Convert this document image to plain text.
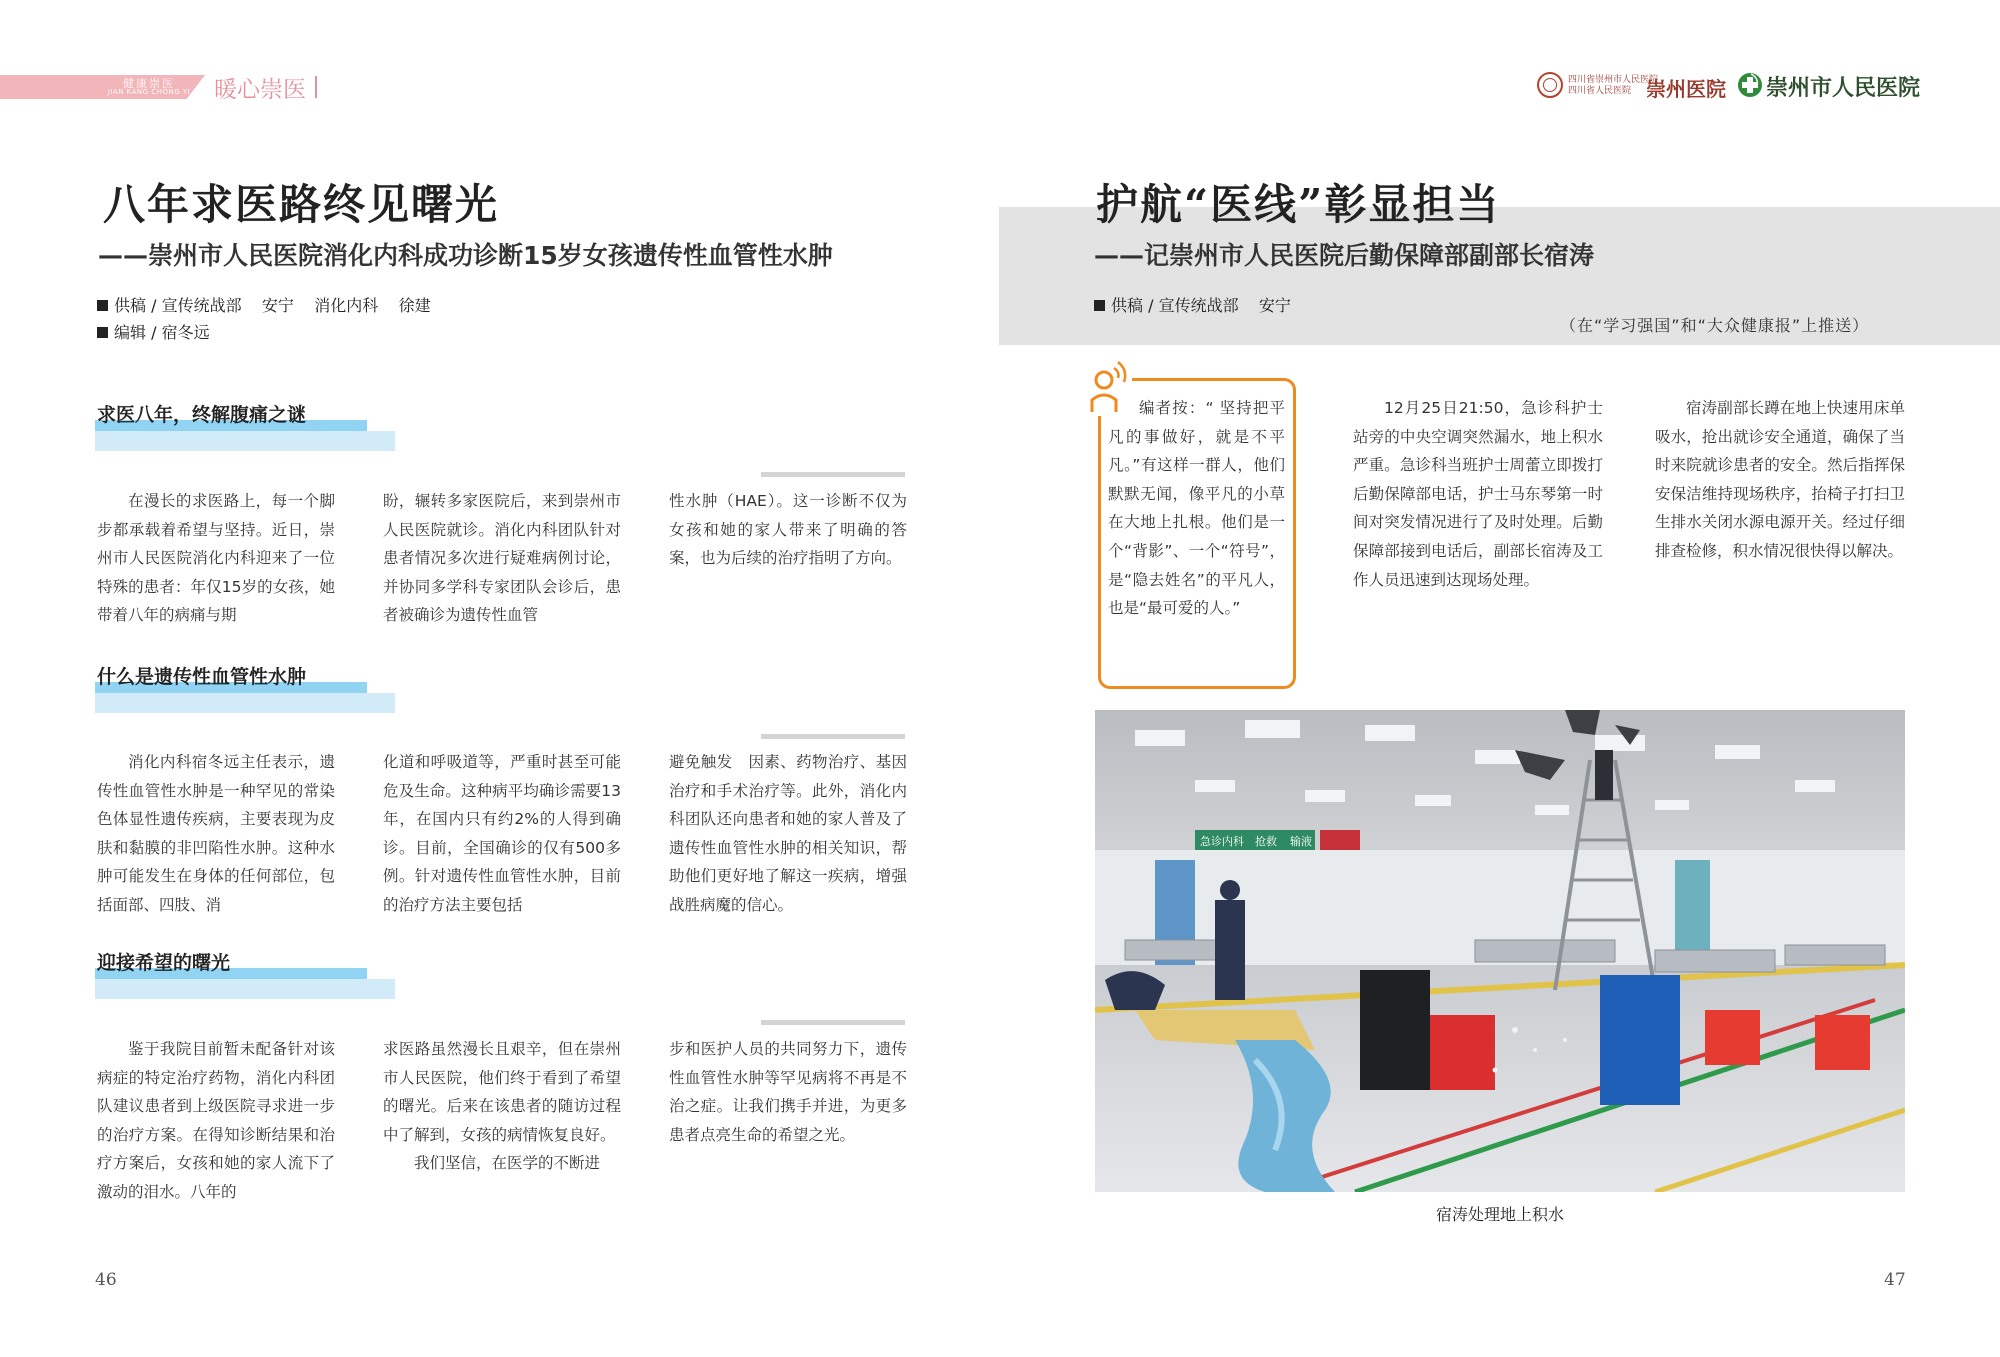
健康崇医
JIAN KANG CHONG YI	暖心崇医	四川省崇州市人民医院
四川省人民医院 崇州医院 崇州市人民医院
八年求医路终见曙光
——崇州市人民医院消化内科成功诊断15岁女孩遗传性血管性水肿
供稿 / 宣传统战部    安宁    消化内科    徐建
编辑 / 宿冬远
求医八年，终解腹痛之谜

在漫长的求医路上，每一个脚步都承载着希望与坚持。近日，崇州市人民医院消化内科迎来了一位特殊的患者：年仅15岁的女孩，她带着八年的病痛与期

盼，辗转多家医院后，来到崇州市人民医院就诊。消化内科团队针对患者情况多次进行疑难病例讨论，并协同多学科专家团队会诊后，患者被确诊为遗传性血管

性水肿（HAE）。这一诊断不仅为女孩和她的家人带来了明确的答案，也为后续的治疗指明了方向。

什么是遗传性血管性水肿

消化内科宿冬远主任表示，遗传性血管性水肿是一种罕见的常染色体显性遗传疾病，主要表现为皮肤和黏膜的非凹陷性水肿。这种水肿可能发生在身体的任何部位，包括面部、四肢、消

化道和呼吸道等，严重时甚至可能危及生命。这种病平均确诊需要13年，在国内只有约2%的人得到确诊。目前，全国确诊的仅有500多例。针对遗传性血管性水肿，目前的治疗方法主要包括

避免触发　因素、药物治疗、基因治疗和手术治疗等。此外，消化内科团队还向患者和她的家人普及了遗传性血管性水肿的相关知识，帮助他们更好地了解这一疾病，增强战胜病魔的信心。

迎接希望的曙光

鉴于我院目前暂未配备针对该病症的特定治疗药物，消化内科团队建议患者到上级医院寻求进一步的治疗方案。在得知诊断结果和治疗方案后，女孩和她的家人流下了激动的泪水。八年的

求医路虽然漫长且艰辛，但在崇州市人民医院，他们终于看到了希望的曙光。后来在该患者的随访过程中了解到，女孩的病情恢复良好。

我们坚信，在医学的不断进

步和医护人员的共同努力下，遗传性血管性水肿等罕见病将不再是不治之症。让我们携手并进，为更多患者点亮生命的希望之光。

46
护航“医线”彰显担当
——记崇州市人民医院后勤保障部副部长宿涛
供稿 / 宣传统战部    安宁
（在“学习强国”和“大众健康报”上推送）

编者按：“ 坚持把平凡的事做好，就是不平凡。”有这样一群人，他们默默无闻，像平凡的小草在大地上扎根。他们是一个“背影”、一个“符号”，是“隐去姓名”的平凡人，也是“最可爱的人。”

12月25日21:50，急诊科护士站旁的中央空调突然漏水，地上积水严重。急诊科当班护士周蕾立即拨打后勤保障部电话，护士马东琴第一时间对突发情况进行了及时处理。后勤保障部接到电话后，副部长宿涛及工作人员迅速到达现场处理。

宿涛副部长蹲在地上快速用床单吸水，抢出就诊安全通道，确保了当时来院就诊患者的安全。然后指挥保安保洁维持现场秩序，抬椅子打扫卫生排水关闭水源电源开关。经过仔细排查检修，积水情况很快得以解决。

急诊内科 抢救 输液
宿涛处理地上积水
47
